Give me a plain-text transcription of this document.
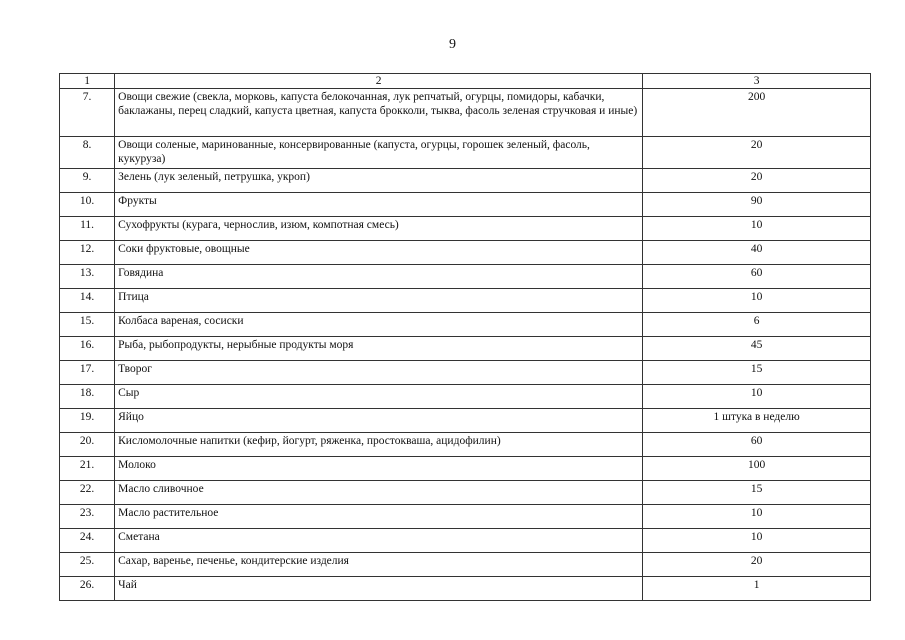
9
1	2	3
7.	Овощи свежие (свекла, морковь, капуста белокочанная, лук репчатый, огурцы, помидоры, кабачки, баклажаны, перец сладкий, капуста цветная, капуста брокколи, тыква, фасоль зеленая стручковая и иные)	200
8.	Овощи соленые, маринованные, консервированные (капуста, огурцы, горошек зеленый, фасоль, кукуруза)	20
9.	Зелень (лук зеленый, петрушка, укроп)	20
10.	Фрукты	90
11.	Сухофрукты (курага, чернослив, изюм, компотная смесь)	10
12.	Соки фруктовые, овощные	40
13.	Говядина	60
14.	Птица	10
15.	Колбаса вареная, сосиски	6
16.	Рыба, рыбопродукты, нерыбные продукты моря	45
17.	Творог	15
18.	Сыр	10
19.	Яйцо	1 штука в неделю
20.	Кисломолочные напитки (кефир, йогурт, ряженка, простокваша, ацидофилин)	60
21.	Молоко	100
22.	Масло сливочное	15
23.	Масло растительное	10
24.	Сметана	10
25.	Сахар, варенье, печенье, кондитерские изделия	20
26.	Чай	1
